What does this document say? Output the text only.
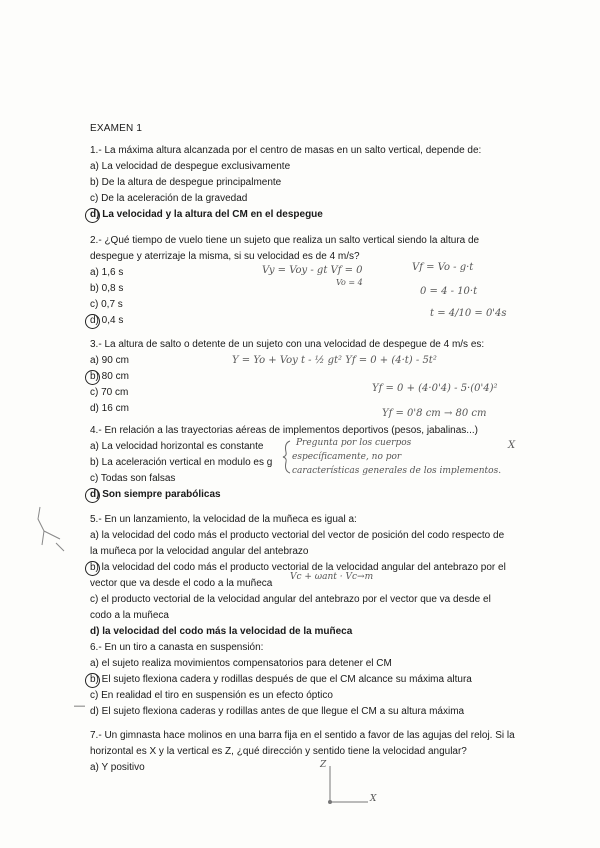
EXAMEN 1

1.- La máxima altura alcanzada por el centro de masas en un salto vertical, depende de:

a) La velocidad de despegue exclusivamente

b) De la altura de despegue principalmente

c) De la aceleración de la gravedad

d) La velocidad y la altura del CM en el despegue

2.- ¿Qué tiempo de vuelo tiene un sujeto que realiza un salto vertical siendo la altura de

despegue y aterrizaje la misma, si su velocidad es de 4 m/s?

a) 1,6 s

b) 0,8 s

c) 0,7 s

d) 0,4 s

Vy = Voy - gt Vf = 0
Vo = 4
Vf = Vo - g·t
0 = 4 - 10·t
t = 4/10 = 0'4s

3.- La altura de salto o detente de un sujeto con una velocidad de despegue de 4 m/s es:

a) 90 cm

b) 80 cm

c) 70 cm

d) 16 cm

Y = Yo + Voy t - ½ gt² Yf = 0 + (4·t) - 5t²
Yf = 0 + (4·0'4) - 5·(0'4)²
Yf = 0'8 cm → 80 cm

4.- En relación a las trayectorias aéreas de implementos deportivos (pesos, jabalinas...)

a) La velocidad horizontal es constante

b) La aceleración vertical en modulo es g

c) Todas son falsas

d) Son siempre parabólicas

Pregunta por los cuerpos
específicamente, no por
características generales de los implementos.
X

5.- En un lanzamiento, la velocidad de la muñeca es igual a:

a) la velocidad del codo más el producto vectorial del vector de posición del codo respecto de

la muñeca por la velocidad angular del antebrazo

b) la velocidad del codo más el producto vectorial de la velocidad angular del antebrazo por el

vector que va desde el codo a la muñeca

c) el producto vectorial de la velocidad angular del antebrazo por el vector que va desde el

codo a la muñeca

d) la velocidad del codo más la velocidad de la muñeca

Vc + ωant · Vc→m

6.- En un tiro a canasta en suspensión:

a) el sujeto realiza movimientos compensatorios para detener el CM

b) El sujeto flexiona cadera y rodillas después de que el CM alcance su máxima altura

c) En realidad el tiro en suspensión es un efecto óptico

d) El sujeto flexiona caderas y rodillas antes de que llegue el CM a su altura máxima

—

7.- Un gimnasta hace molinos en una barra fija en el sentido a favor de las agujas del reloj. Si la

horizontal es X y la vertical es Z, ¿qué dirección y sentido tiene la velocidad angular?

a) Y positivo	Z
X
